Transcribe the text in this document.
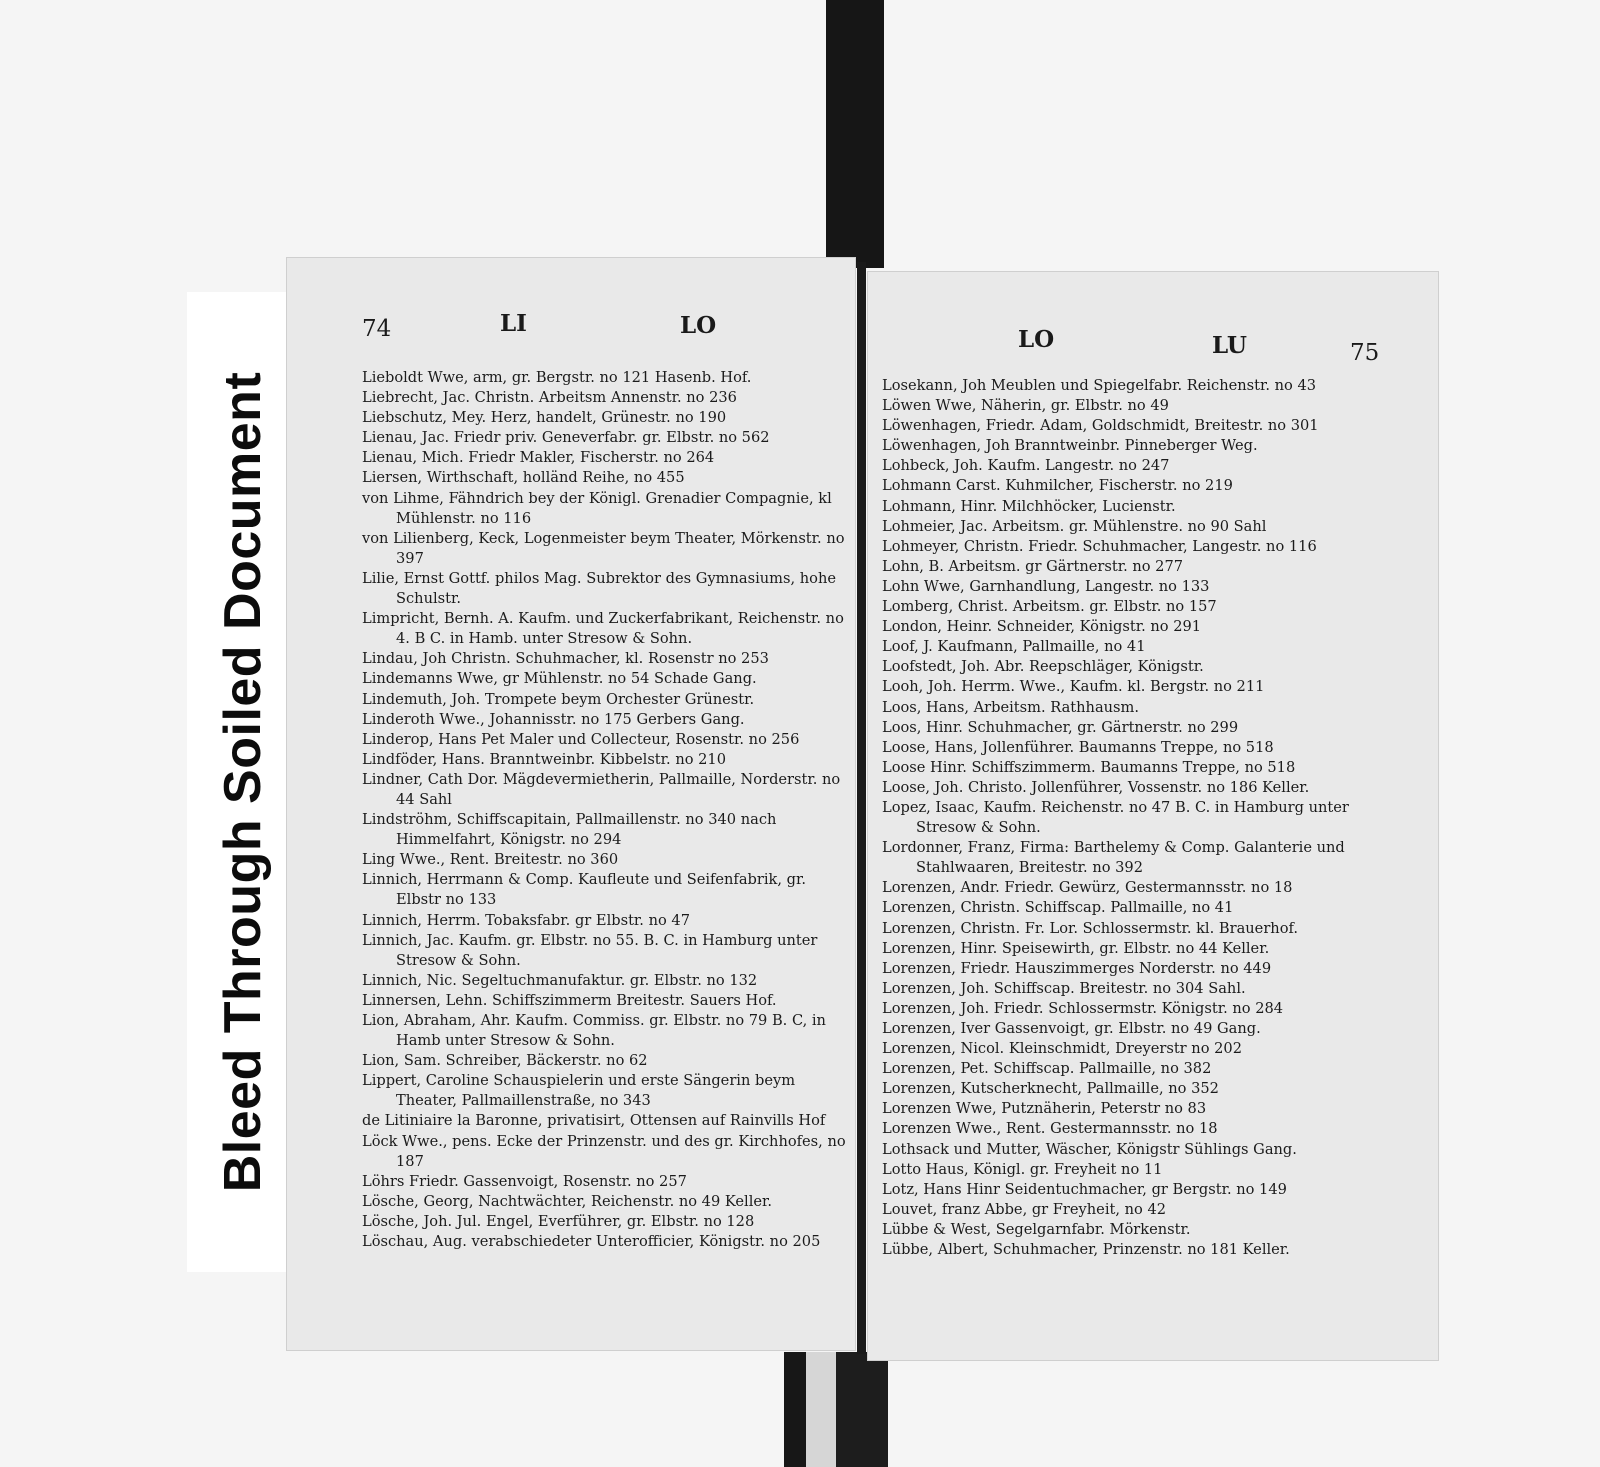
Bleed Through Soiled Document
74	LI	LO
LO	LU	75
Lieboldt Wwe, arm, gr. Bergstr. no 121 Hasenb. Hof.
Liebrecht, Jac. Christn. Arbeitsm Annenstr. no 236
Liebschutz, Mey. Herz, handelt, Grünestr. no 190
Lienau, Jac. Friedr priv. Geneverfabr. gr. Elbstr. no 562
Lienau, Mich. Friedr Makler, Fischerstr. no 264
Liersen, Wirthschaft, holländ Reihe, no 455
von Lihme, Fähndrich bey der Königl. Grenadier Compagnie, kl Mühlenstr. no 116
von Lilienberg, Keck, Logenmeister beym Theater, Mörkenstr. no 397
Lilie, Ernst Gottf. philos Mag. Subrektor des Gymnasiums, hohe Schulstr.
Limpricht, Bernh. A. Kaufm. und Zuckerfabrikant, Reichenstr. no 4. B C. in Hamb. unter Stresow & Sohn.
Lindau, Joh Christn. Schuhmacher, kl. Rosenstr no 253
Lindemanns Wwe, gr Mühlenstr. no 54 Schade Gang.
Lindemuth, Joh. Trompete beym Orchester Grünestr.
Linderoth Wwe., Johannisstr. no 175 Gerbers Gang.
Linderop, Hans Pet Maler und Collecteur, Rosenstr. no 256
Lindföder, Hans. Branntweinbr. Kibbelstr. no 210
Lindner, Cath Dor. Mägdevermietherin, Pallmaille, Norderstr. no 44 Sahl
Lindströhm, Schiffscapitain, Pallmaillenstr. no 340 nach Himmelfahrt, Königstr. no 294
Ling Wwe., Rent. Breitestr. no 360
Linnich, Herrmann & Comp. Kaufleute und Seifenfabrik, gr. Elbstr no 133
Linnich, Herrm. Tobaksfabr. gr Elbstr. no 47
Linnich, Jac. Kaufm. gr. Elbstr. no 55. B. C. in Hamburg unter Stresow & Sohn.
Linnich, Nic. Segeltuchmanufaktur. gr. Elbstr. no 132
Linnersen, Lehn. Schiffszimmerm Breitestr. Sauers Hof.
Lion, Abraham, Ahr. Kaufm. Commiss. gr. Elbstr. no 79 B. C, in Hamb unter Stresow & Sohn.
Lion, Sam. Schreiber, Bäckerstr. no 62
Lippert, Caroline Schauspielerin und erste Sängerin beym Theater, Pallmaillenstraße, no 343
de Litiniaire la Baronne, privatisirt, Ottensen auf Rainvills Hof
Löck Wwe., pens. Ecke der Prinzenstr. und des gr. Kirchhofes, no 187
Löhrs Friedr. Gassenvoigt, Rosenstr. no 257
Lösche, Georg, Nachtwächter, Reichenstr. no 49 Keller.
Lösche, Joh. Jul. Engel, Everführer, gr. Elbstr. no 128
Löschau, Aug. verabschiedeter Unterofficier, Königstr. no 205
Losekann, Joh Meublen und Spiegelfabr. Reichenstr. no 43
Löwen Wwe, Näherin, gr. Elbstr. no 49
Löwenhagen, Friedr. Adam, Goldschmidt, Breitestr. no 301
Löwenhagen, Joh Branntweinbr. Pinneberger Weg.
Lohbeck, Joh. Kaufm. Langestr. no 247
Lohmann Carst. Kuhmilcher, Fischerstr. no 219
Lohmann, Hinr. Milchhöcker, Lucienstr.
Lohmeier, Jac. Arbeitsm. gr. Mühlenstre. no 90 Sahl
Lohmeyer, Christn. Friedr. Schuhmacher, Langestr. no 116
Lohn, B. Arbeitsm. gr Gärtnerstr. no 277
Lohn Wwe, Garnhandlung, Langestr. no 133
Lomberg, Christ. Arbeitsm. gr. Elbstr. no 157
London, Heinr. Schneider, Königstr. no 291
Loof, J. Kaufmann, Pallmaille, no 41
Loofstedt, Joh. Abr. Reepschläger, Königstr.
Looh, Joh. Herrm. Wwe., Kaufm. kl. Bergstr. no 211
Loos, Hans, Arbeitsm. Rathhausm.
Loos, Hinr. Schuhmacher, gr. Gärtnerstr. no 299
Loose, Hans, Jollenführer. Baumanns Treppe, no 518
Loose Hinr. Schiffszimmerm. Baumanns Treppe, no 518
Loose, Joh. Christo. Jollenführer, Vossenstr. no 186 Keller.
Lopez, Isaac, Kaufm. Reichenstr. no 47 B. C. in Hamburg unter Stresow & Sohn.
Lordonner, Franz, Firma: Barthelemy & Comp. Galanterie und Stahlwaaren, Breitestr. no 392
Lorenzen, Andr. Friedr. Gewürz, Gestermannsstr. no 18
Lorenzen, Christn. Schiffscap. Pallmaille, no 41
Lorenzen, Christn. Fr. Lor. Schlossermstr. kl. Brauerhof.
Lorenzen, Hinr. Speisewirth, gr. Elbstr. no 44 Keller.
Lorenzen, Friedr. Hauszimmerges Norderstr. no 449
Lorenzen, Joh. Schiffscap. Breitestr. no 304 Sahl.
Lorenzen, Joh. Friedr. Schlossermstr. Königstr. no 284
Lorenzen, Iver Gassenvoigt, gr. Elbstr. no 49 Gang.
Lorenzen, Nicol. Kleinschmidt, Dreyerstr no 202
Lorenzen, Pet. Schiffscap. Pallmaille, no 382
Lorenzen, Kutscherknecht, Pallmaille, no 352
Lorenzen Wwe, Putznäherin, Peterstr no 83
Lorenzen Wwe., Rent. Gestermannsstr. no 18
Lothsack und Mutter, Wäscher, Königstr Sühlings Gang.
Lotto Haus, Königl. gr. Freyheit no 11
Lotz, Hans Hinr Seidentuchmacher, gr Bergstr. no 149
Louvet, franz Abbe, gr Freyheit, no 42
Lübbe & West, Segelgarnfabr. Mörkenstr.
Lübbe, Albert, Schuhmacher, Prinzenstr. no 181 Keller.
